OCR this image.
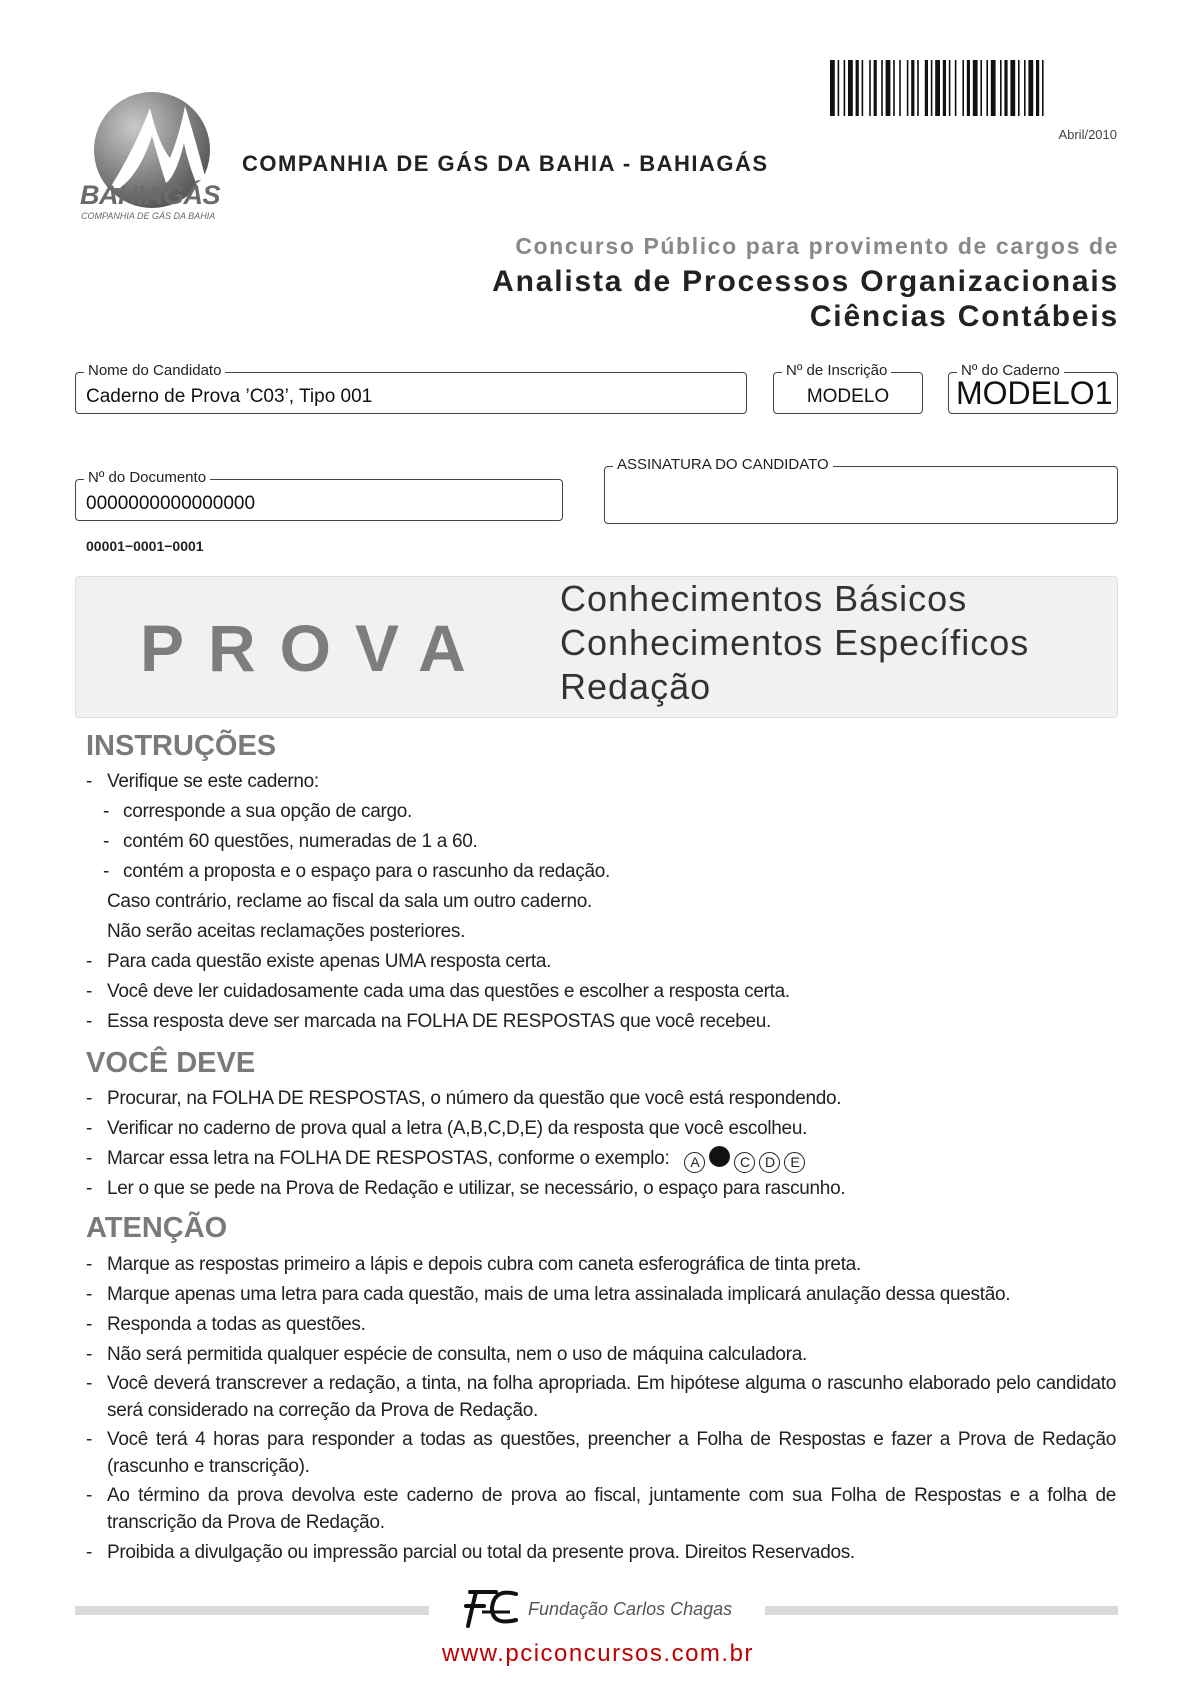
Abril/2010
BAHIAGÁS
COMPANHIA DE GÁS DA BAHIA
COMPANHIA DE GÁS DA BAHIA - BAHIAGÁS
Concurso Público para provimento de cargos de
Analista de Processos Organizacionais
Ciências Contábeis
Nome do Candidato
Caderno de Prova ’C03’, Tipo 001
Nº de Inscrição
MODELO
Nº do Caderno
MODELO1
Nº do Documento
0000000000000000
ASSINATURA DO CANDIDATO
00001−0001−0001
PROVA
Conhecimentos Básicos
Conhecimentos Específicos
Redação
INSTRUÇÕES
- Verifique se este caderno:
- corresponde a sua opção de cargo.
- contém 60 questões, numeradas de 1 a 60.
- contém a proposta e o espaço para o rascunho da redação.
Caso contrário, reclame ao fiscal da sala um outro caderno.
Não serão aceitas reclamações posteriores.
- Para cada questão existe apenas UMA resposta certa.
- Você deve ler cuidadosamente cada uma das questões e escolher a resposta certa.
- Essa resposta deve ser marcada na FOLHA DE RESPOSTAS que você recebeu.
VOCÊ DEVE
- Procurar, na FOLHA DE RESPOSTAS, o número da questão que você está respondendo.
- Verificar no caderno de prova qual a letra (A,B,C,D,E) da resposta que você escolheu.
- Marcar essa letra na FOLHA DE RESPOSTAS, conforme o exemplo: A	C D E
- Ler o que se pede na Prova de Redação e utilizar, se necessário, o espaço para rascunho.
ATENÇÃO
- Marque as respostas primeiro a lápis e depois cubra com caneta esferográfica de tinta preta.
- Marque apenas uma letra para cada questão, mais de uma letra assinalada implicará anulação dessa questão.
- Responda a todas as questões.
- Não será permitida qualquer espécie de consulta, nem o uso de máquina calculadora.
- Você deverá transcrever a redação, a tinta, na folha apropriada. Em hipótese alguma o rascunho elaborado pelo candidato será considerado na correção da Prova de Redação.
- Você terá 4 horas para responder a todas as questões, preencher a Folha de Respostas e fazer a Prova de Redação (rascunho e transcrição).
- Ao término da prova devolva este caderno de prova ao fiscal, juntamente com sua Folha de Respostas e a folha de transcrição da Prova de Redação.
- Proibida a divulgação ou impressão parcial ou total da presente prova. Direitos Reservados.
Fundação Carlos Chagas
www.pciconcursos.com.br
